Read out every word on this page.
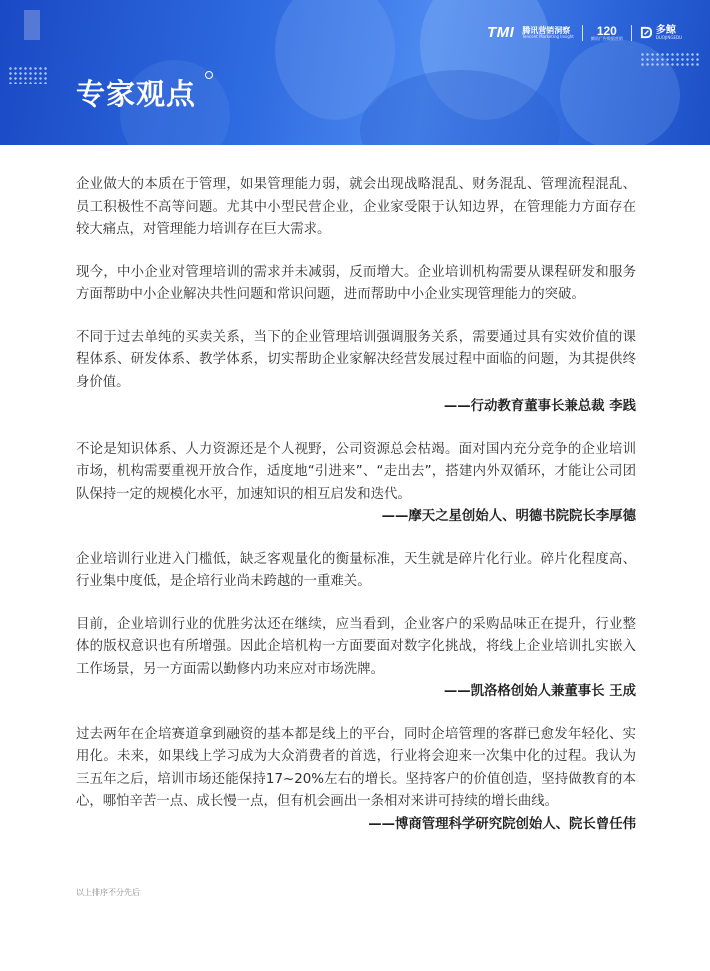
专家观点
TMI 腾讯营销洞察
Tencent Marketing Insight 120
腾讯广告数据营销
多鲸
DUOJINGEDU

企业做大的本质在于管理，如果管理能力弱，就会出现战略混乱、财务混乱、管理流程混乱、员工积极性不高等问题。尤其中小型民营企业，企业家受限于认知边界，在管理能力方面存在较大痛点，对管理能力培训存在巨大需求。

现今，中小企业对管理培训的需求并未减弱，反而增大。企业培训机构需要从课程研发和服务方面帮助中小企业解决共性问题和常识问题，进而帮助中小企业实现管理能力的突破。

不同于过去单纯的买卖关系，当下的企业管理培训强调服务关系，需要通过具有实效价值的课程体系、研发体系、教学体系，切实帮助企业家解决经营发展过程中面临的问题，为其提供终身价值。

——行动教育董事长兼总裁 李践

不论是知识体系、人力资源还是个人视野，公司资源总会枯竭。面对国内充分竞争的企业培训市场，机构需要重视开放合作，适度地“引进来”、“走出去”，搭建内外双循环，才能让公司团队保持一定的规模化水平，加速知识的相互启发和迭代。

——摩天之星创始人、明德书院院长李厚德

企业培训行业进入门槛低，缺乏客观量化的衡量标准，天生就是碎片化行业。碎片化程度高、行业集中度低，是企培行业尚未跨越的一重难关。

目前，企业培训行业的优胜劣汰还在继续，应当看到，企业客户的采购品味正在提升，行业整体的版权意识也有所增强。因此企培机构一方面要面对数字化挑战，将线上企业培训扎实嵌入工作场景，另一方面需以勤修内功来应对市场洗牌。

——凯洛格创始人兼董事长 王成

过去两年在企培赛道拿到融资的基本都是线上的平台，同时企培管理的客群已愈发年轻化、实用化。未来，如果线上学习成为大众消费者的首选，行业将会迎来一次集中化的过程。我认为三五年之后，培训市场还能保持17~20%左右的增长。坚持客户的价值创造，坚持做教育的本心，哪怕辛苦一点、成长慢一点，但有机会画出一条相对来讲可持续的增长曲线。

——博商管理科学研究院创始人、院长曾任伟

以上排序不分先后
